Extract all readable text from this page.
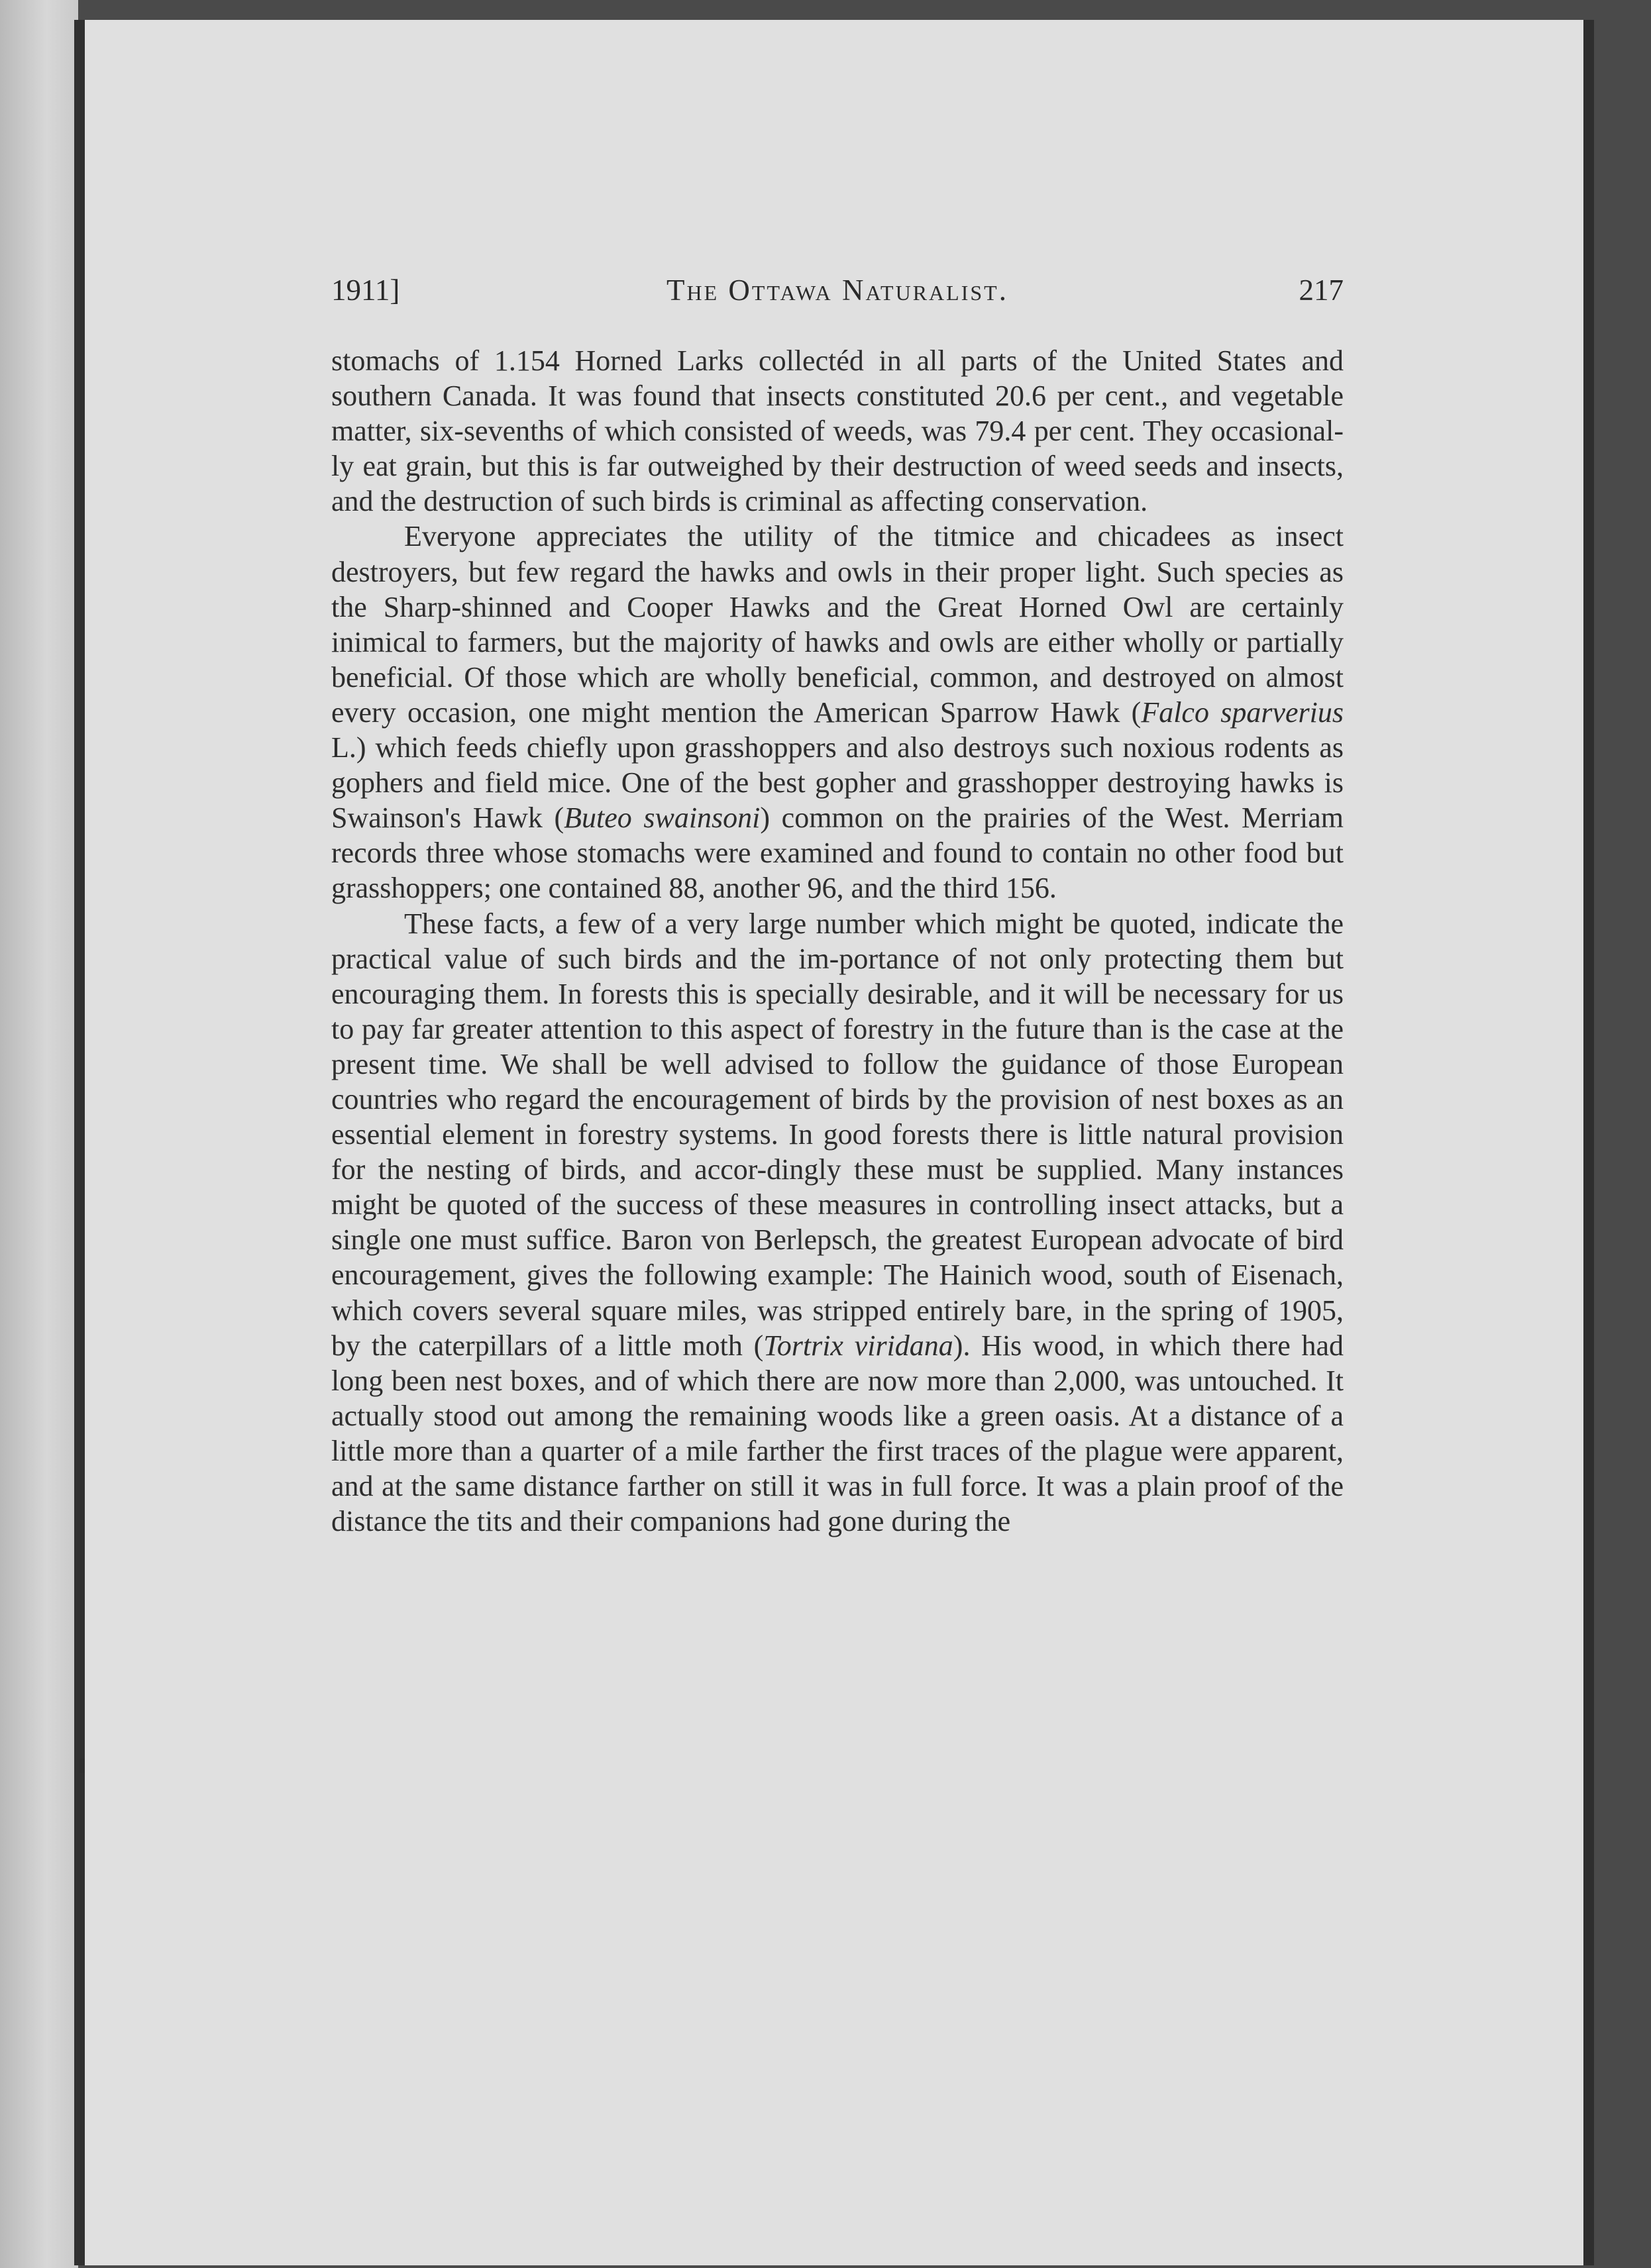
1911]	The Ottawa Naturalist.	217

stomachs of 1.154 Horned Larks collectéd in all parts of the United States and southern Canada. It was found that insects constituted 20.6 per cent., and vegetable matter, six-sevenths of which consisted of weeds, was 79.4 per cent. They occasional-ly eat grain, but this is far outweighed by their destruction of weed seeds and insects, and the destruction of such birds is criminal as affecting conservation.

Everyone appreciates the utility of the titmice and chicadees as insect destroyers, but few regard the hawks and owls in their proper light. Such species as the Sharp-shinned and Cooper Hawks and the Great Horned Owl are certainly inimical to farmers, but the majority of hawks and owls are either wholly or partially beneficial. Of those which are wholly beneficial, common, and destroyed on almost every occasion, one might mention the American Sparrow Hawk (Falco sparverius L.) which feeds chiefly upon grasshoppers and also destroys such noxious rodents as gophers and field mice. One of the best gopher and grasshopper destroying hawks is Swainson's Hawk (Buteo swainsoni) common on the prairies of the West. Merriam records three whose stomachs were examined and found to contain no other food but grasshoppers; one contained 88, another 96, and the third 156.

These facts, a few of a very large number which might be quoted, indicate the practical value of such birds and the im-portance of not only protecting them but encouraging them. In forests this is specially desirable, and it will be necessary for us to pay far greater attention to this aspect of forestry in the future than is the case at the present time. We shall be well advised to follow the guidance of those European countries who regard the encouragement of birds by the provision of nest boxes as an essential element in forestry systems. In good forests there is little natural provision for the nesting of birds, and accor-dingly these must be supplied. Many instances might be quoted of the success of these measures in controlling insect attacks, but a single one must suffice. Baron von Berlepsch, the greatest European advocate of bird encouragement, gives the following example: The Hainich wood, south of Eisenach, which covers several square miles, was stripped entirely bare, in the spring of 1905, by the caterpillars of a little moth (Tortrix viridana). His wood, in which there had long been nest boxes, and of which there are now more than 2,000, was untouched. It actually stood out among the remaining woods like a green oasis. At a distance of a little more than a quarter of a mile farther the first traces of the plague were apparent, and at the same distance farther on still it was in full force. It was a plain proof of the distance the tits and their companions had gone during the
